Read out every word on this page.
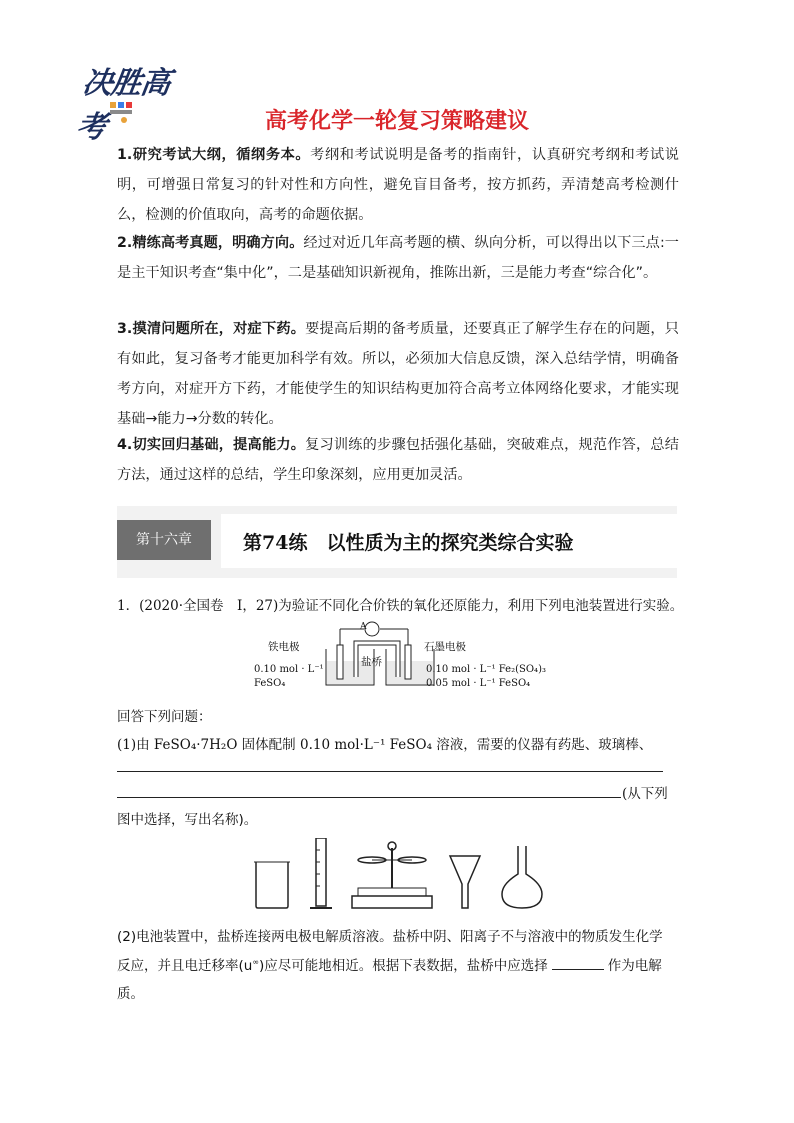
决胜高考	高考化学一轮复习策略建议
1.研究考试大纲，循纲务本。考纲和考试说明是备考的指南针，认真研究考纲和考试说明，可增强日常复习的针对性和方向性，避免盲目备考，按方抓药，弄清楚高考检测什么，检测的价值取向，高考的命题依据。
2.精练高考真题，明确方向。经过对近几年高考题的横、纵向分析，可以得出以下三点:一是主干知识考查“集中化”，二是基础知识新视角，推陈出新，三是能力考查“综合化”。
3.摸清问题所在，对症下药。要提高后期的备考质量，还要真正了解学生存在的问题，只有如此，复习备考才能更加科学有效。所以，必须加大信息反馈，深入总结学情，明确备考方向，对症开方下药，才能使学生的知识结构更加符合高考立体网络化要求，才能实现基础→能力→分数的转化。
4.切实回归基础，提高能力。复习训练的步骤包括强化基础，突破难点，规范作答，总结方法，通过这样的总结，学生印象深刻，应用更加灵活。
第十六章	第74练　以性质为主的探究类综合实验
1．(2020·全国卷　Ⅰ，27)为验证不同化合价铁的氧化还原能力，利用下列电池装置进行实验。
A
铁电极	石墨电极
盐桥
0.10 mol · L⁻¹
FeSO₄
0.10 mol · L⁻¹ Fe₂(SO₄)₃
0.05 mol · L⁻¹ FeSO₄
回答下列问题：
(1)由 FeSO₄·7H₂O 固体配制 0.10 mol·L⁻¹ FeSO₄ 溶液，需要的仪器有药匙、玻璃棒、
(从下列
图中选择，写出名称)。
(2)电池装置中，盐桥连接两电极电解质溶液。盐桥中阴、阳离子不与溶液中的物质发生化学
反应，并且电迁移率(u∞)应尽可能地相近。根据下表数据，盐桥中应选择	作为电解
质。
